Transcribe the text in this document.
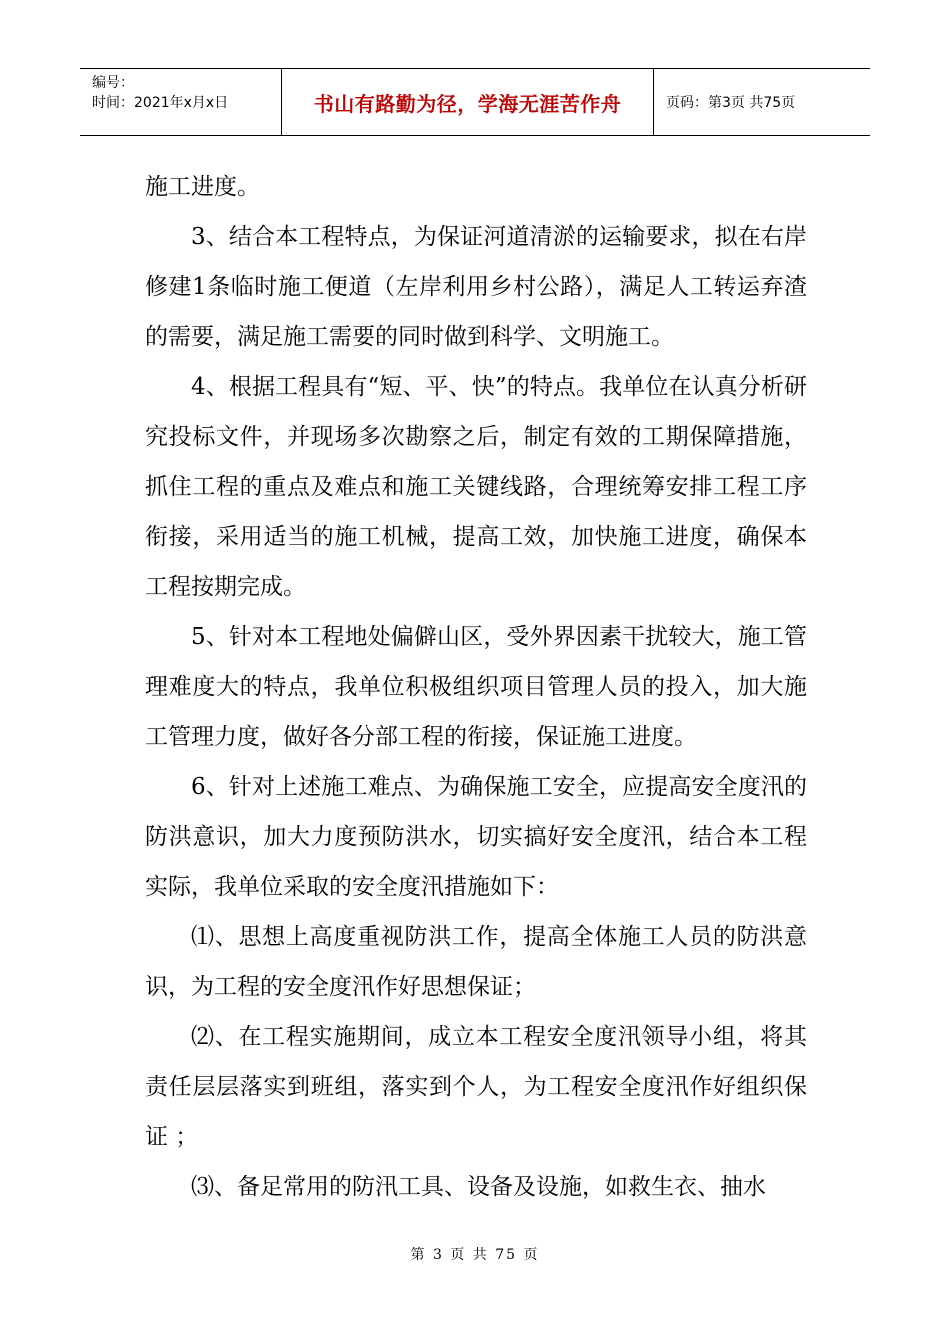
编号：
时间：2021年x月x日	书山有路勤为径，学海无涯苦作舟	页码：第3页 共75页

施工进度。

3、结合本工程特点，为保证河道清淤的运输要求，拟在右岸修建1条临时施工便道（左岸利用乡村公路），满足人工转运弃渣的需要，满足施工需要的同时做到科学、文明施工。

4、根据工程具有“短、平、快”的特点。我单位在认真分析研究投标文件，并现场多次勘察之后，制定有效的工期保障措施，抓住工程的重点及难点和施工关键线路，合理统筹安排工程工序衔接，采用适当的施工机械，提高工效，加快施工进度，确保本工程按期完成。

5、针对本工程地处偏僻山区，受外界因素干扰较大，施工管理难度大的特点，我单位积极组织项目管理人员的投入，加大施工管理力度，做好各分部工程的衔接，保证施工进度。

6、针对上述施工难点、为确保施工安全，应提高安全度汛的防洪意识，加大力度预防洪水，切实搞好安全度汛，结合本工程实际，我单位采取的安全度汛措施如下：

⑴、思想上高度重视防洪工作，提高全体施工人员的防洪意识，为工程的安全度汛作好思想保证；

⑵、在工程实施期间，成立本工程安全度汛领导小组，将其责任层层落实到班组，落实到个人，为工程安全度汛作好组织保证 ；

⑶、备足常用的防汛工具、设备及设施，如救生衣、抽水

第 3 页 共 75 页
